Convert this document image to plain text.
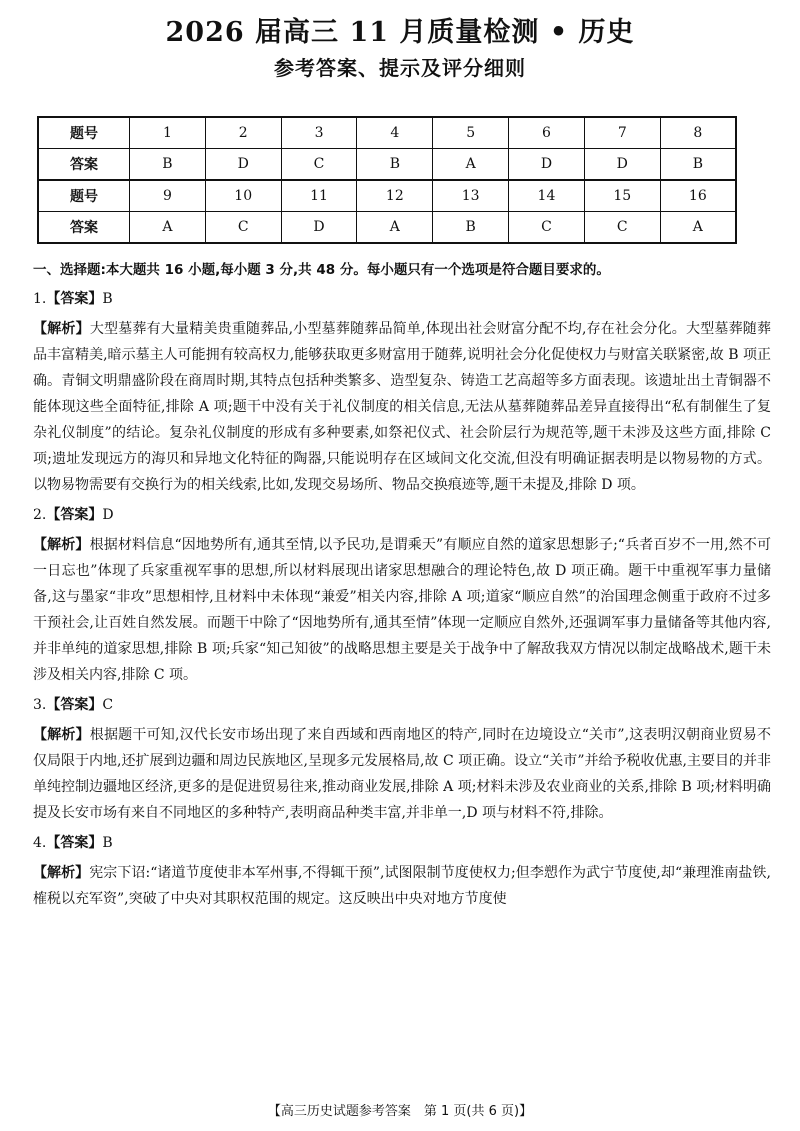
2026 届高三 11 月质量检测 • 历史
参考答案、提示及评分细则
题号	1	2	3	4	5	6	7	8
答案	B	D	C	B	A	D	D	B
题号	9	10	11	12	13	14	15	16
答案	A	C	D	A	B	C	C	A
一、选择题:本大题共 16 小题,每小题 3 分,共 48 分。每小题只有一个选项是符合题目要求的。
1.【答案】B
【解析】大型墓葬有大量精美贵重随葬品,小型墓葬随葬品简单,体现出社会财富分配不均,存在社会分化。大型墓葬随葬品丰富精美,暗示墓主人可能拥有较高权力,能够获取更多财富用于随葬,说明社会分化促使权力与财富关联紧密,故 B 项正确。青铜文明鼎盛阶段在商周时期,其特点包括种类繁多、造型复杂、铸造工艺高超等多方面表现。该遗址出土青铜器不能体现这些全面特征,排除 A 项;题干中没有关于礼仪制度的相关信息,无法从墓葬随葬品差异直接得出“私有制催生了复杂礼仪制度”的结论。复杂礼仪制度的形成有多种要素,如祭祀仪式、社会阶层行为规范等,题干未涉及这些方面,排除 C 项;遗址发现远方的海贝和异地文化特征的陶器,只能说明存在区域间文化交流,但没有明确证据表明是以物易物的方式。以物易物需要有交换行为的相关线索,比如,发现交易场所、物品交换痕迹等,题干未提及,排除 D 项。
2.【答案】D
【解析】根据材料信息“因地势所有,通其至情,以予民功,是谓乘天”有顺应自然的道家思想影子;“兵者百岁不一用,然不可一日忘也”体现了兵家重视军事的思想,所以材料展现出诸家思想融合的理论特色,故 D 项正确。题干中重视军事力量储备,这与墨家“非攻”思想相悖,且材料中未体现“兼爱”相关内容,排除 A 项;道家“顺应自然”的治国理念侧重于政府不过多干预社会,让百姓自然发展。而题干中除了“因地势所有,通其至情”体现一定顺应自然外,还强调军事力量储备等其他内容,并非单纯的道家思想,排除 B 项;兵家“知己知彼”的战略思想主要是关于战争中了解敌我双方情况以制定战略战术,题干未涉及相关内容,排除 C 项。
3.【答案】C
【解析】根据题干可知,汉代长安市场出现了来自西域和西南地区的特产,同时在边境设立“关市”,这表明汉朝商业贸易不仅局限于内地,还扩展到边疆和周边民族地区,呈现多元发展格局,故 C 项正确。设立“关市”并给予税收优惠,主要目的并非单纯控制边疆地区经济,更多的是促进贸易往来,推动商业发展,排除 A 项;材料未涉及农业商业的关系,排除 B 项;材料明确提及长安市场有来自不同地区的多种特产,表明商品种类丰富,并非单一,D 项与材料不符,排除。
4.【答案】B
【解析】宪宗下诏:“诸道节度使非本军州事,不得辄干预”,试图限制节度使权力;但李愬作为武宁节度使,却“兼理淮南盐铁,榷税以充军资”,突破了中央对其职权范围的规定。这反映出中央对地方节度使
【高三历史试题参考答案　第 1 页(共 6 页)】
